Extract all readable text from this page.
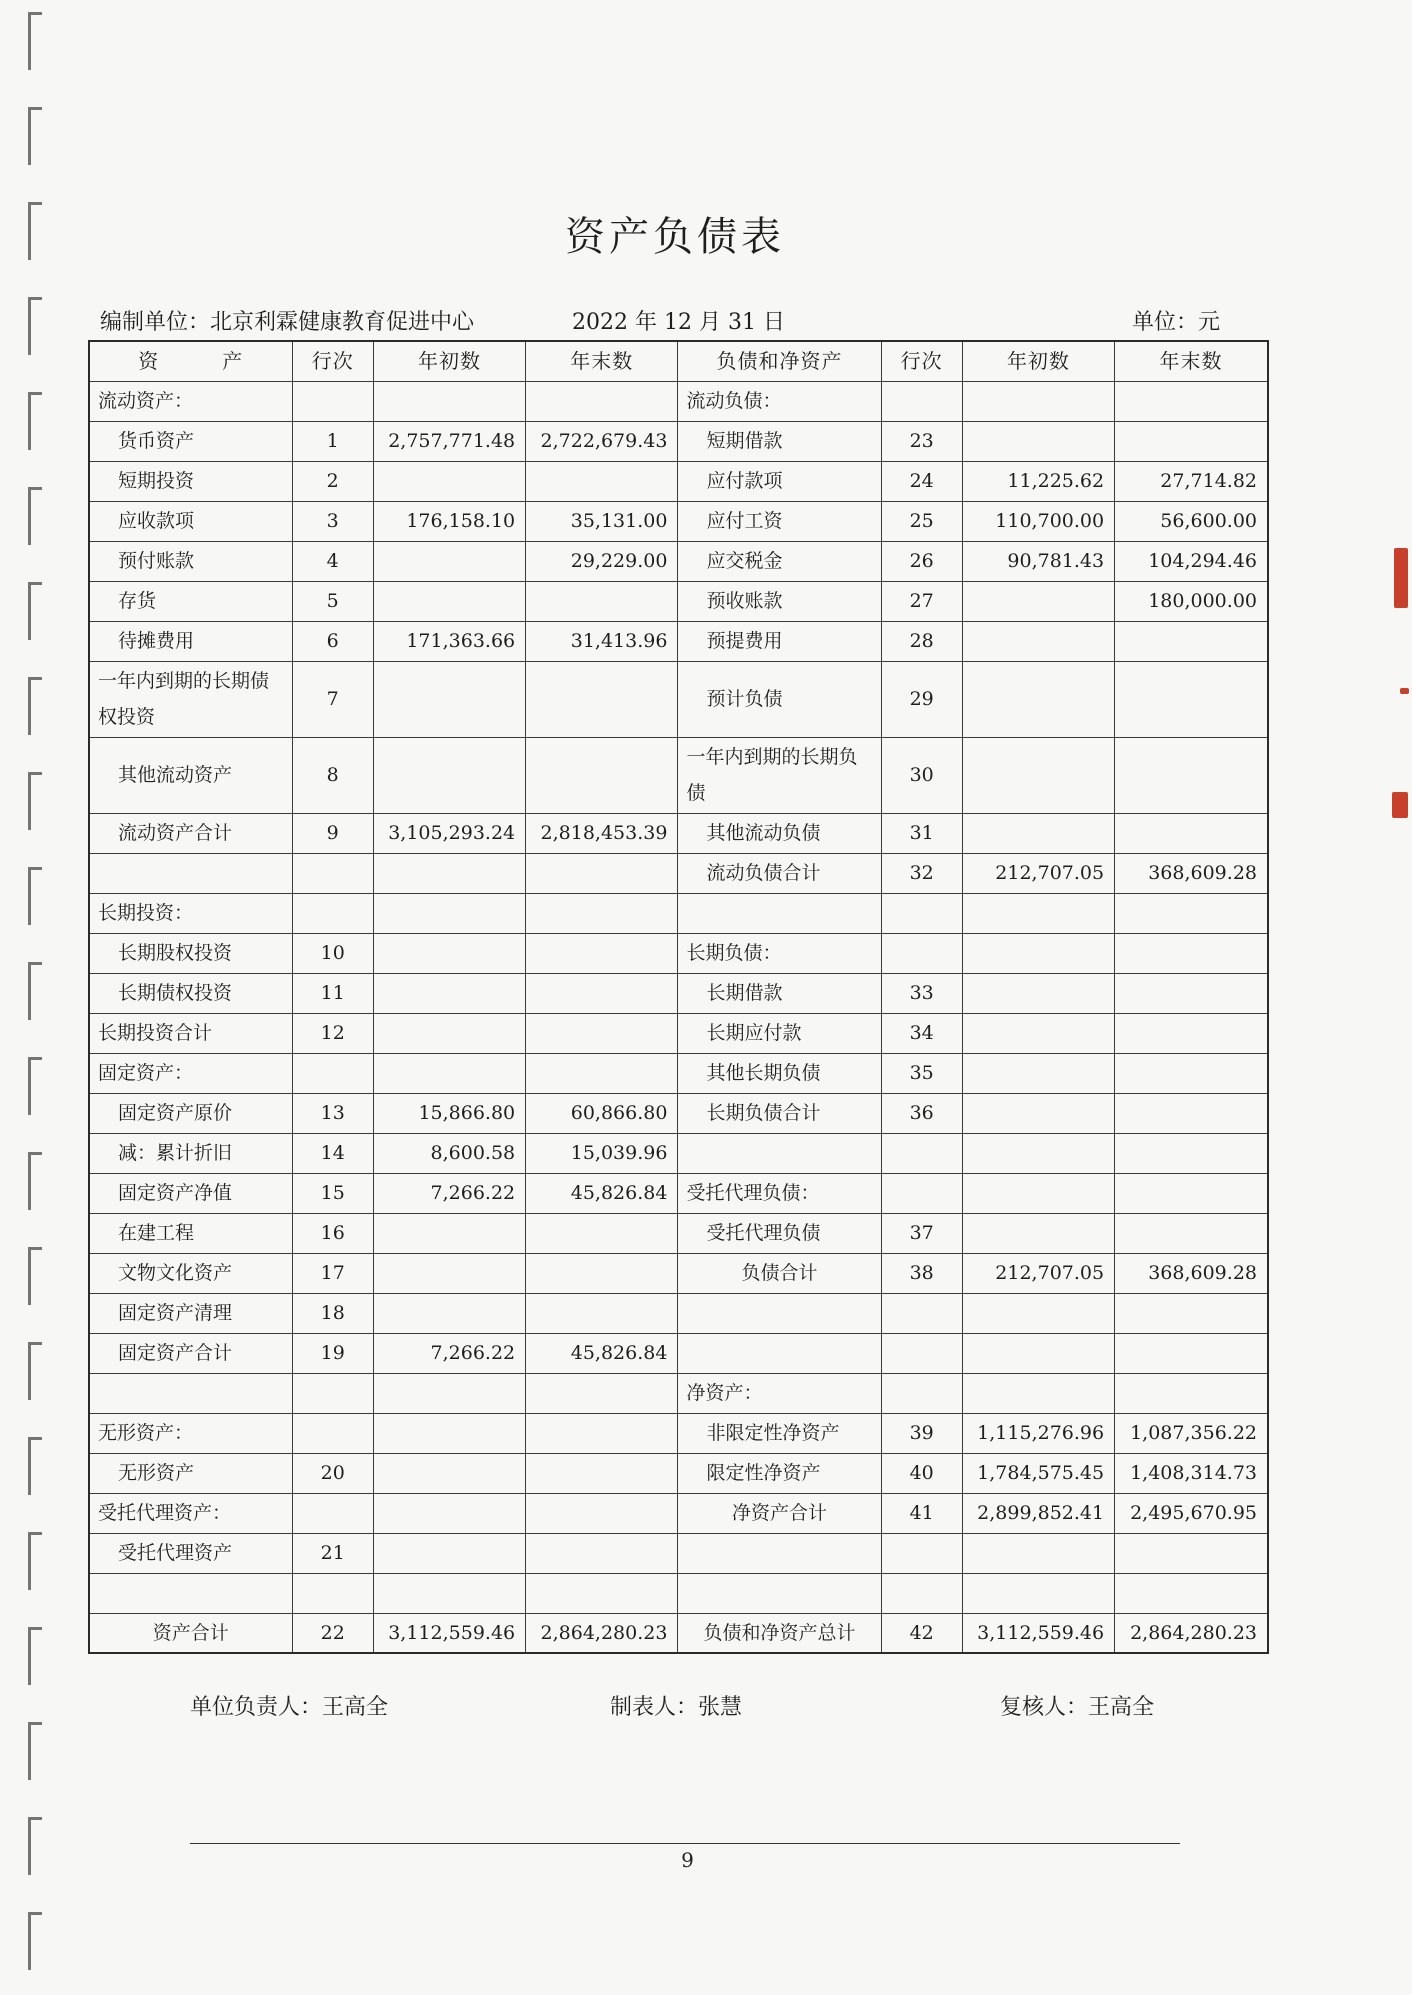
资产负债表
编制单位：北京利霖健康教育促进中心	2022 年 12 月 31 日	单位：元
资　　　产	行次	年初数	年末数	负债和净资产	行次	年初数	年末数
流动资产：				流动负债：			
货币资产	1	2,757,771.48	2,722,679.43	短期借款	23		
短期投资	2			应付款项	24	11,225.62	27,714.82
应收款项	3	176,158.10	35,131.00	应付工资	25	110,700.00	56,600.00
预付账款	4		29,229.00	应交税金	26	90,781.43	104,294.46
存货	5			预收账款	27		180,000.00
待摊费用	6	171,363.66	31,413.96	预提费用	28		
一年内到期的长期债权投资	7			预计负债	29		
其他流动资产	8			一年内到期的长期负债	30		
流动资产合计	9	3,105,293.24	2,818,453.39	其他流动负债	31		
				流动负债合计	32	212,707.05	368,609.28
长期投资：							
长期股权投资	10			长期负债：			
长期债权投资	11			长期借款	33		
长期投资合计	12			长期应付款	34		
固定资产：				其他长期负债	35		
固定资产原价	13	15,866.80	60,866.80	长期负债合计	36		
减：累计折旧	14	8,600.58	15,039.96				
固定资产净值	15	7,266.22	45,826.84	受托代理负债：			
在建工程	16			受托代理负债	37		
文物文化资产	17			负债合计	38	212,707.05	368,609.28
固定资产清理	18						
固定资产合计	19	7,266.22	45,826.84				
				净资产：			
无形资产：				非限定性净资产	39	1,115,276.96	1,087,356.22
无形资产	20			限定性净资产	40	1,784,575.45	1,408,314.73
受托代理资产：				净资产合计	41	2,899,852.41	2,495,670.95
受托代理资产	21						

资产合计	22	3,112,559.46	2,864,280.23	负债和净资产总计	42	3,112,559.46	2,864,280.23
单位负责人：王高全	制表人：张慧	复核人：王高全
9
